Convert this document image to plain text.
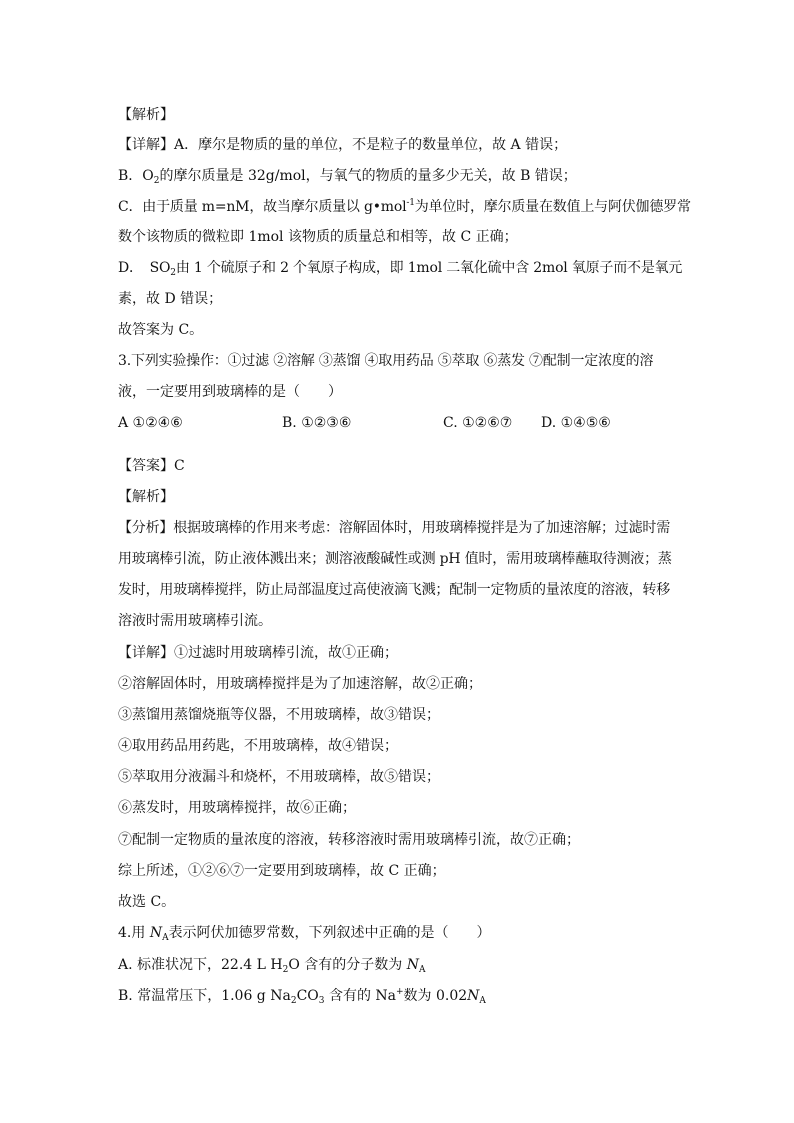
【解析】
【详解】A．摩尔是物质的量的单位，不是粒子的数量单位，故 A 错误；
B．$O_2$的摩尔质量是 32g/mol，与氧气的物质的量多少无关，故 B 错误；
C．由于质量 m=nM，故当摩尔质量以 g•mol$^{-1}$为单位时，摩尔质量在数值上与阿伏伽德罗常
数个该物质的微粒即 1mol 该物质的质量总和相等，故 C 正确；
D．　$SO_2$由 1 个硫原子和 2 个氧原子构成，即 1mol 二氧化硫中含 2mol 氧原子而不是氧元
素，故 D 错误；
故答案为 C。
3.下列实验操作：①过滤 ②溶解 ③蒸馏 ④取用药品 ⑤萃取 ⑥蒸发 ⑦配制一定浓度的溶
液，一定要用到玻璃棒的是（　　）
A ①②④⑥	B. ①②③⑥	C. ①②⑥⑦ D. ①④⑤⑥
【答案】C
【解析】
【分析】根据玻璃棒的作用来考虑：溶解固体时，用玻璃棒搅拌是为了加速溶解；过滤时需
用玻璃棒引流，防止液体溅出来；测溶液酸碱性或测 pH 值时，需用玻璃棒蘸取待测液；蒸
发时，用玻璃棒搅拌，防止局部温度过高使液滴飞溅；配制一定物质的量浓度的溶液，转移
溶液时需用玻璃棒引流。
【详解】①过滤时用玻璃棒引流，故①正确；
②溶解固体时，用玻璃棒搅拌是为了加速溶解，故②正确；
③蒸馏用蒸馏烧瓶等仪器，不用玻璃棒，故③错误；
④取用药品用药匙，不用玻璃棒，故④错误；
⑤萃取用分液漏斗和烧杯，不用玻璃棒，故⑤错误；
⑥蒸发时，用玻璃棒搅拌，故⑥正确；
⑦配制一定物质的量浓度的溶液，转移溶液时需用玻璃棒引流，故⑦正确；
综上所述，①②⑥⑦一定要用到玻璃棒，故 C 正确；
故选 C。
4.用 $N_A$表示阿伏加德罗常数，下列叙述中正确的是（　　）
A. 标准状况下，22.4 L $H_2O$ 含有的分子数为 $N_A$
B. 常温常压下，1.06 g $Na_2CO_3$ 含有的 Na+数为 $0.02N_A$
